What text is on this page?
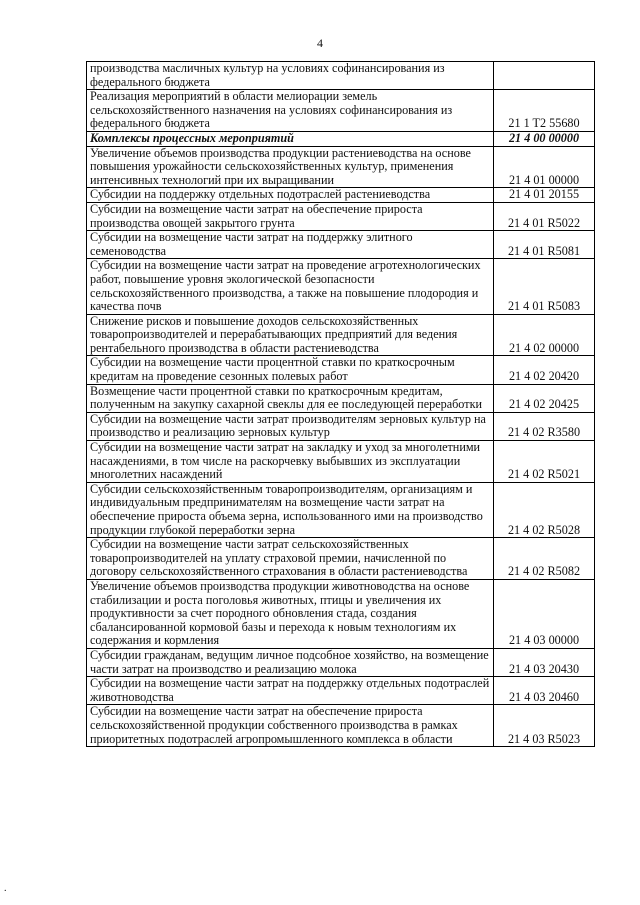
4
производства масличных культур на условиях софинансирования из федерального бюджета	
Реализация мероприятий в области мелиорации земель сельскохозяйственного назначения на условиях софинансирования из федерального бюджета	21 1 T2 55680
Комплексы процессных мероприятий	21 4 00 00000
Увеличение объемов производства продукции растениеводства на основе повышения урожайности сельскохозяйственных культур, применения интенсивных технологий при их выращивании	21 4 01 00000
Субсидии на поддержку отдельных подотраслей растениеводства	21 4 01 20155
Субсидии на возмещение части затрат на обеспечение прироста производства овощей закрытого грунта	21 4 01 R5022
Субсидии на возмещение части затрат на поддержку элитного семеноводства	21 4 01 R5081
Субсидии на возмещение части затрат на проведение агротехнологических работ, повышение уровня экологической безопасности сельскохозяйственного производства, а также на повышение плодородия и качества почв	21 4 01 R5083
Снижение рисков и повышение доходов сельскохозяйственных товаропроизводителей и перерабатывающих предприятий для ведения рентабельного производства в области растениеводства	21 4 02 00000
Субсидии на возмещение части процентной ставки по краткосрочным кредитам на проведение сезонных полевых работ	21 4 02 20420
Возмещение части процентной ставки по краткосрочным кредитам, полученным на закупку сахарной свеклы для ее последующей переработки	21 4 02 20425
Субсидии на возмещение части затрат производителям зерновых культур на производство и реализацию зерновых культур	21 4 02 R3580
Субсидии на возмещение части затрат на закладку и уход за многолетними насаждениями, в том числе на раскорчевку выбывших из эксплуатации многолетних насаждений	21 4 02 R5021
Субсидии сельскохозяйственным товаропроизводителям, организациям и индивидуальным предпринимателям на возмещение части затрат на обеспечение прироста объема зерна, использованного ими на производство продукции глубокой переработки зерна	21 4 02 R5028
Субсидии на возмещение части затрат сельскохозяйственных товаропроизводителей на уплату страховой премии, начисленной по договору сельскохозяйственного страхования в области растениеводства	21 4 02 R5082
Увеличение объемов производства продукции животноводства на основе стабилизации и роста поголовья животных, птицы и увеличения их продуктивности за счет породного обновления стада, создания сбалансированной кормовой базы и перехода к новым технологиям их содержания и кормления	21 4 03 00000
Субсидии гражданам, ведущим личное подсобное хозяйство, на возмещение части затрат на производство и реализацию молока	21 4 03 20430
Субсидии на возмещение части затрат на поддержку отдельных подотраслей животноводства	21 4 03 20460
Субсидии на возмещение части затрат на обеспечение прироста сельскохозяйственной продукции собственного производства в рамках приоритетных подотраслей агропромышленного комплекса в области	21 4 03 R5023
.
